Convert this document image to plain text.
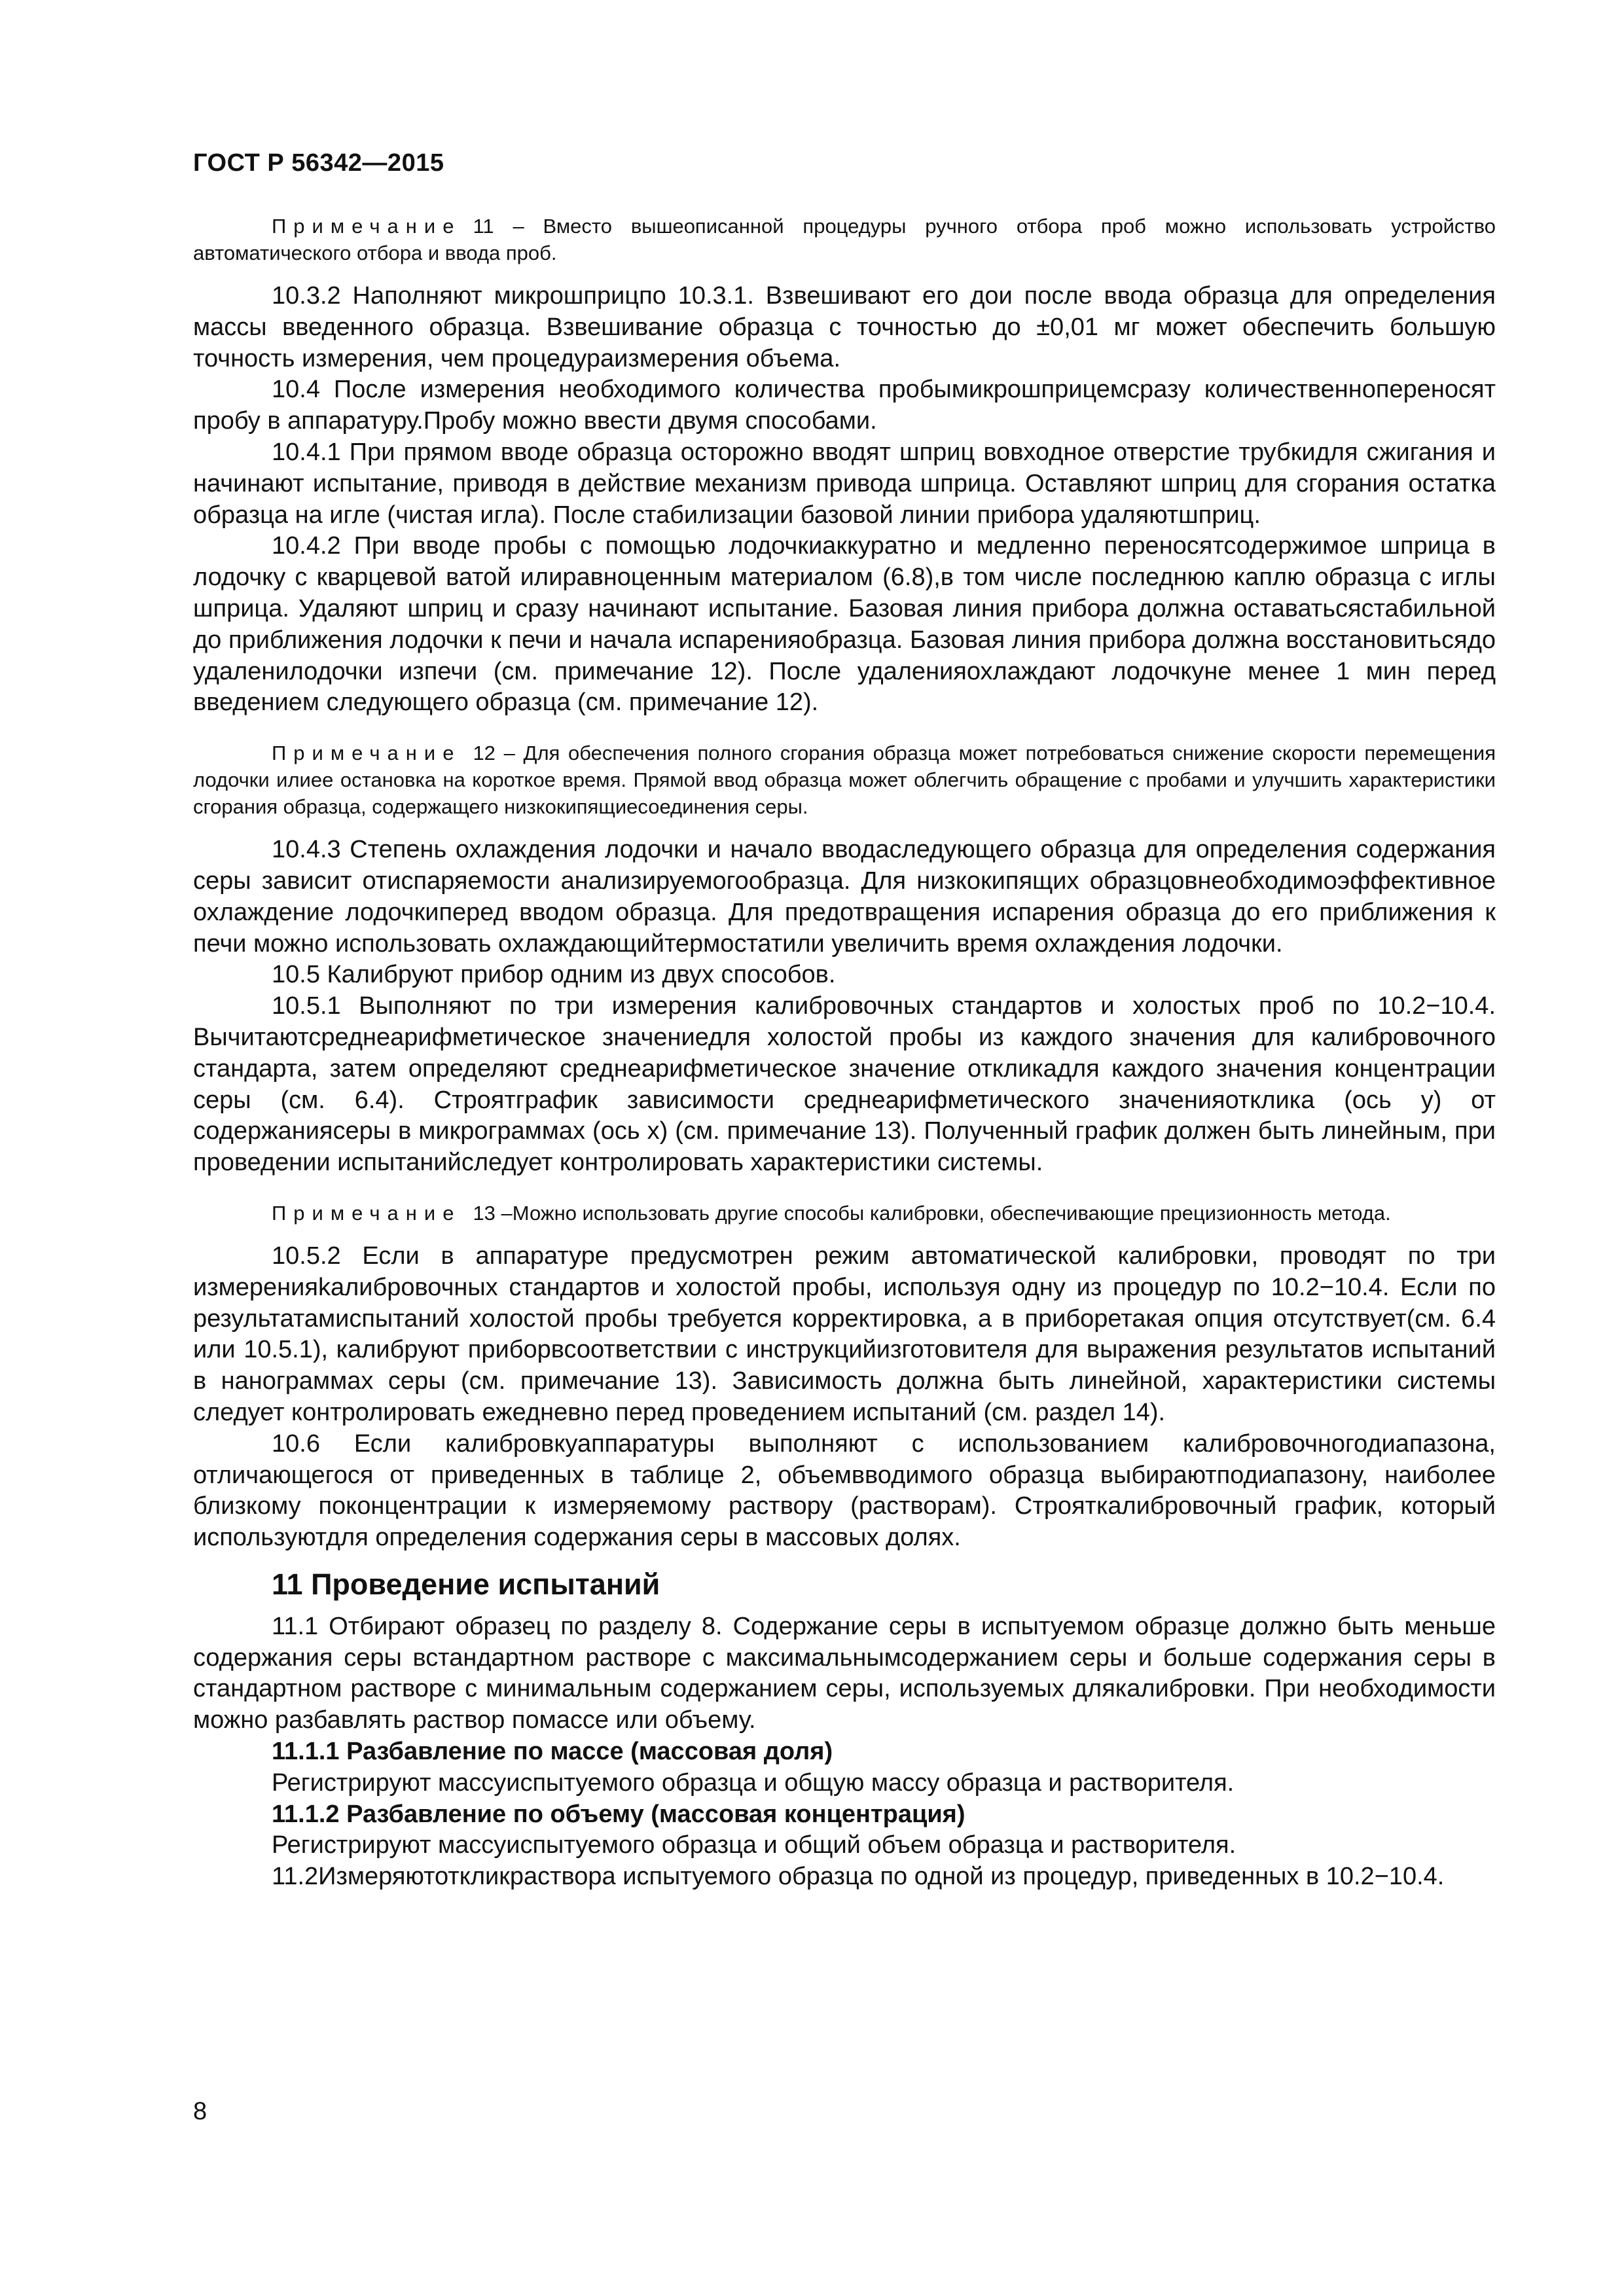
ГОСТ Р 56342—2015

Примечание 11 – Вместо вышеописанной процедуры ручного отбора проб можно использовать устройство автоматического отбора и ввода проб.

10.3.2 Наполняют микрошприцпо 10.3.1. Взвешивают его дои после ввода образца для определения массы введенного образца. Взвешивание образца с точностью до ±0,01 мг может обеспечить большую точность измерения, чем процедураизмерения объема.

10.4 После измерения необходимого количества пробымикрошприцемсразу количественнопереносят пробу в аппаратуру.Пробу можно ввести двумя способами.

10.4.1 При прямом вводе образца осторожно вводят шприц вовходное отверстие трубкидля сжигания и начинают испытание, приводя в действие механизм привода шприца. Оставляют шприц для сгорания остатка образца на игле (чистая игла). После стабилизации базовой линии прибора удаляютшприц.

10.4.2 При вводе пробы с помощью лодочкиаккуратно и медленно переносятсодержимое шприца в лодочку с кварцевой ватой илиравноценным материалом (6.8),в том числе последнюю каплю образца с иглы шприца. Удаляют шприц и сразу начинают испытание. Базовая линия прибора должна оставатьсястабильной до приближения лодочки к печи и начала испаренияобразца. Базовая линия прибора должна восстановитьсядо удаленилодочки изпечи (см. примечание 12). После удаленияохлаждают лодочкуне менее 1 мин перед введением следующего образца (см. примечание 12).

Примечание 12 – Для обеспечения полного сгорания образца может потребоваться снижение скорости перемещения лодочки илиее остановка на короткое время. Прямой ввод образца может облегчить обращение с пробами и улучшить характеристики сгорания образца, содержащего низкокипящиесоединения серы.

10.4.3 Степень охлаждения лодочки и начало вводаследующего образца для определения содержания серы зависит отиспаряемости анализируемогообразца. Для низкокипящих образцовнеобходимоэффективное охлаждение лодочкиперед вводом образца. Для предотвращения испарения образца до его приближения к печи можно использовать охлаждающийтермостатили увеличить время охлаждения лодочки.

10.5 Калибруют прибор одним из двух способов.

10.5.1 Выполняют по три измерения калибровочных стандартов и холостых проб по 10.2−10.4. Вычитаютсреднеарифметическое значениедля холостой пробы из каждого значения для калибровочного стандарта, затем определяют среднеарифметическое значение откликадля каждого значения концентрации серы (см. 6.4). Строятграфик зависимости среднеарифметического значенияотклика (ось y) от содержаниясеры в микрограммах (ось x) (см. примечание 13). Полученный график должен быть линейным, при проведении испытанийследует контролировать характеристики системы.

Примечание 13 –Можно использовать другие способы калибровки, обеспечивающие прецизионность метода.

10.5.2 Если в аппаратуре предусмотрен режим автоматической калибровки, проводят по три измеренияkалибровочных стандартов и холостой пробы, используя одну из процедур по 10.2−10.4. Если по результатамиспытаний холостой пробы требуется корректировка, а в приборетакая опция отсутствует(см. 6.4 или 10.5.1), калибруют приборвсоответствии с инструкцийизготовителя для выражения результатов испытаний в нанограммах серы (см. примечание 13). Зависимость должна быть линейной, характеристики системы следует контролировать ежедневно перед проведением испытаний (см. раздел 14).

10.6 Если калибровкуаппаратуры выполняют с использованием калибровочногодиапазона, отличающегося от приведенных в таблице 2, объемвводимого образца выбираютподиапазону, наиболее близкому поконцентрации к измеряемому раствору (растворам). Строяткалибровочный график, который используютдля определения содержания серы в массовых долях.

11 Проведение испытаний

11.1 Отбирают образец по разделу 8. Содержание серы в испытуемом образце должно быть меньше содержания серы встандартном растворе с максимальнымсодержанием серы и больше содержания серы в стандартном растворе с минимальным содержанием серы, используемых длякалибровки. При необходимости можно разбавлять раствор помассе или объему.

11.1.1 Разбавление по массе (массовая доля)

Регистрируют массуиспытуемого образца и общую массу образца и растворителя.

11.1.2 Разбавление по объему (массовая концентрация)

Регистрируют массуиспытуемого образца и общий объем образца и растворителя.

11.2Измеряютоткликраствора испытуемого образца по одной из процедур, приведенных в 10.2−10.4.

8
